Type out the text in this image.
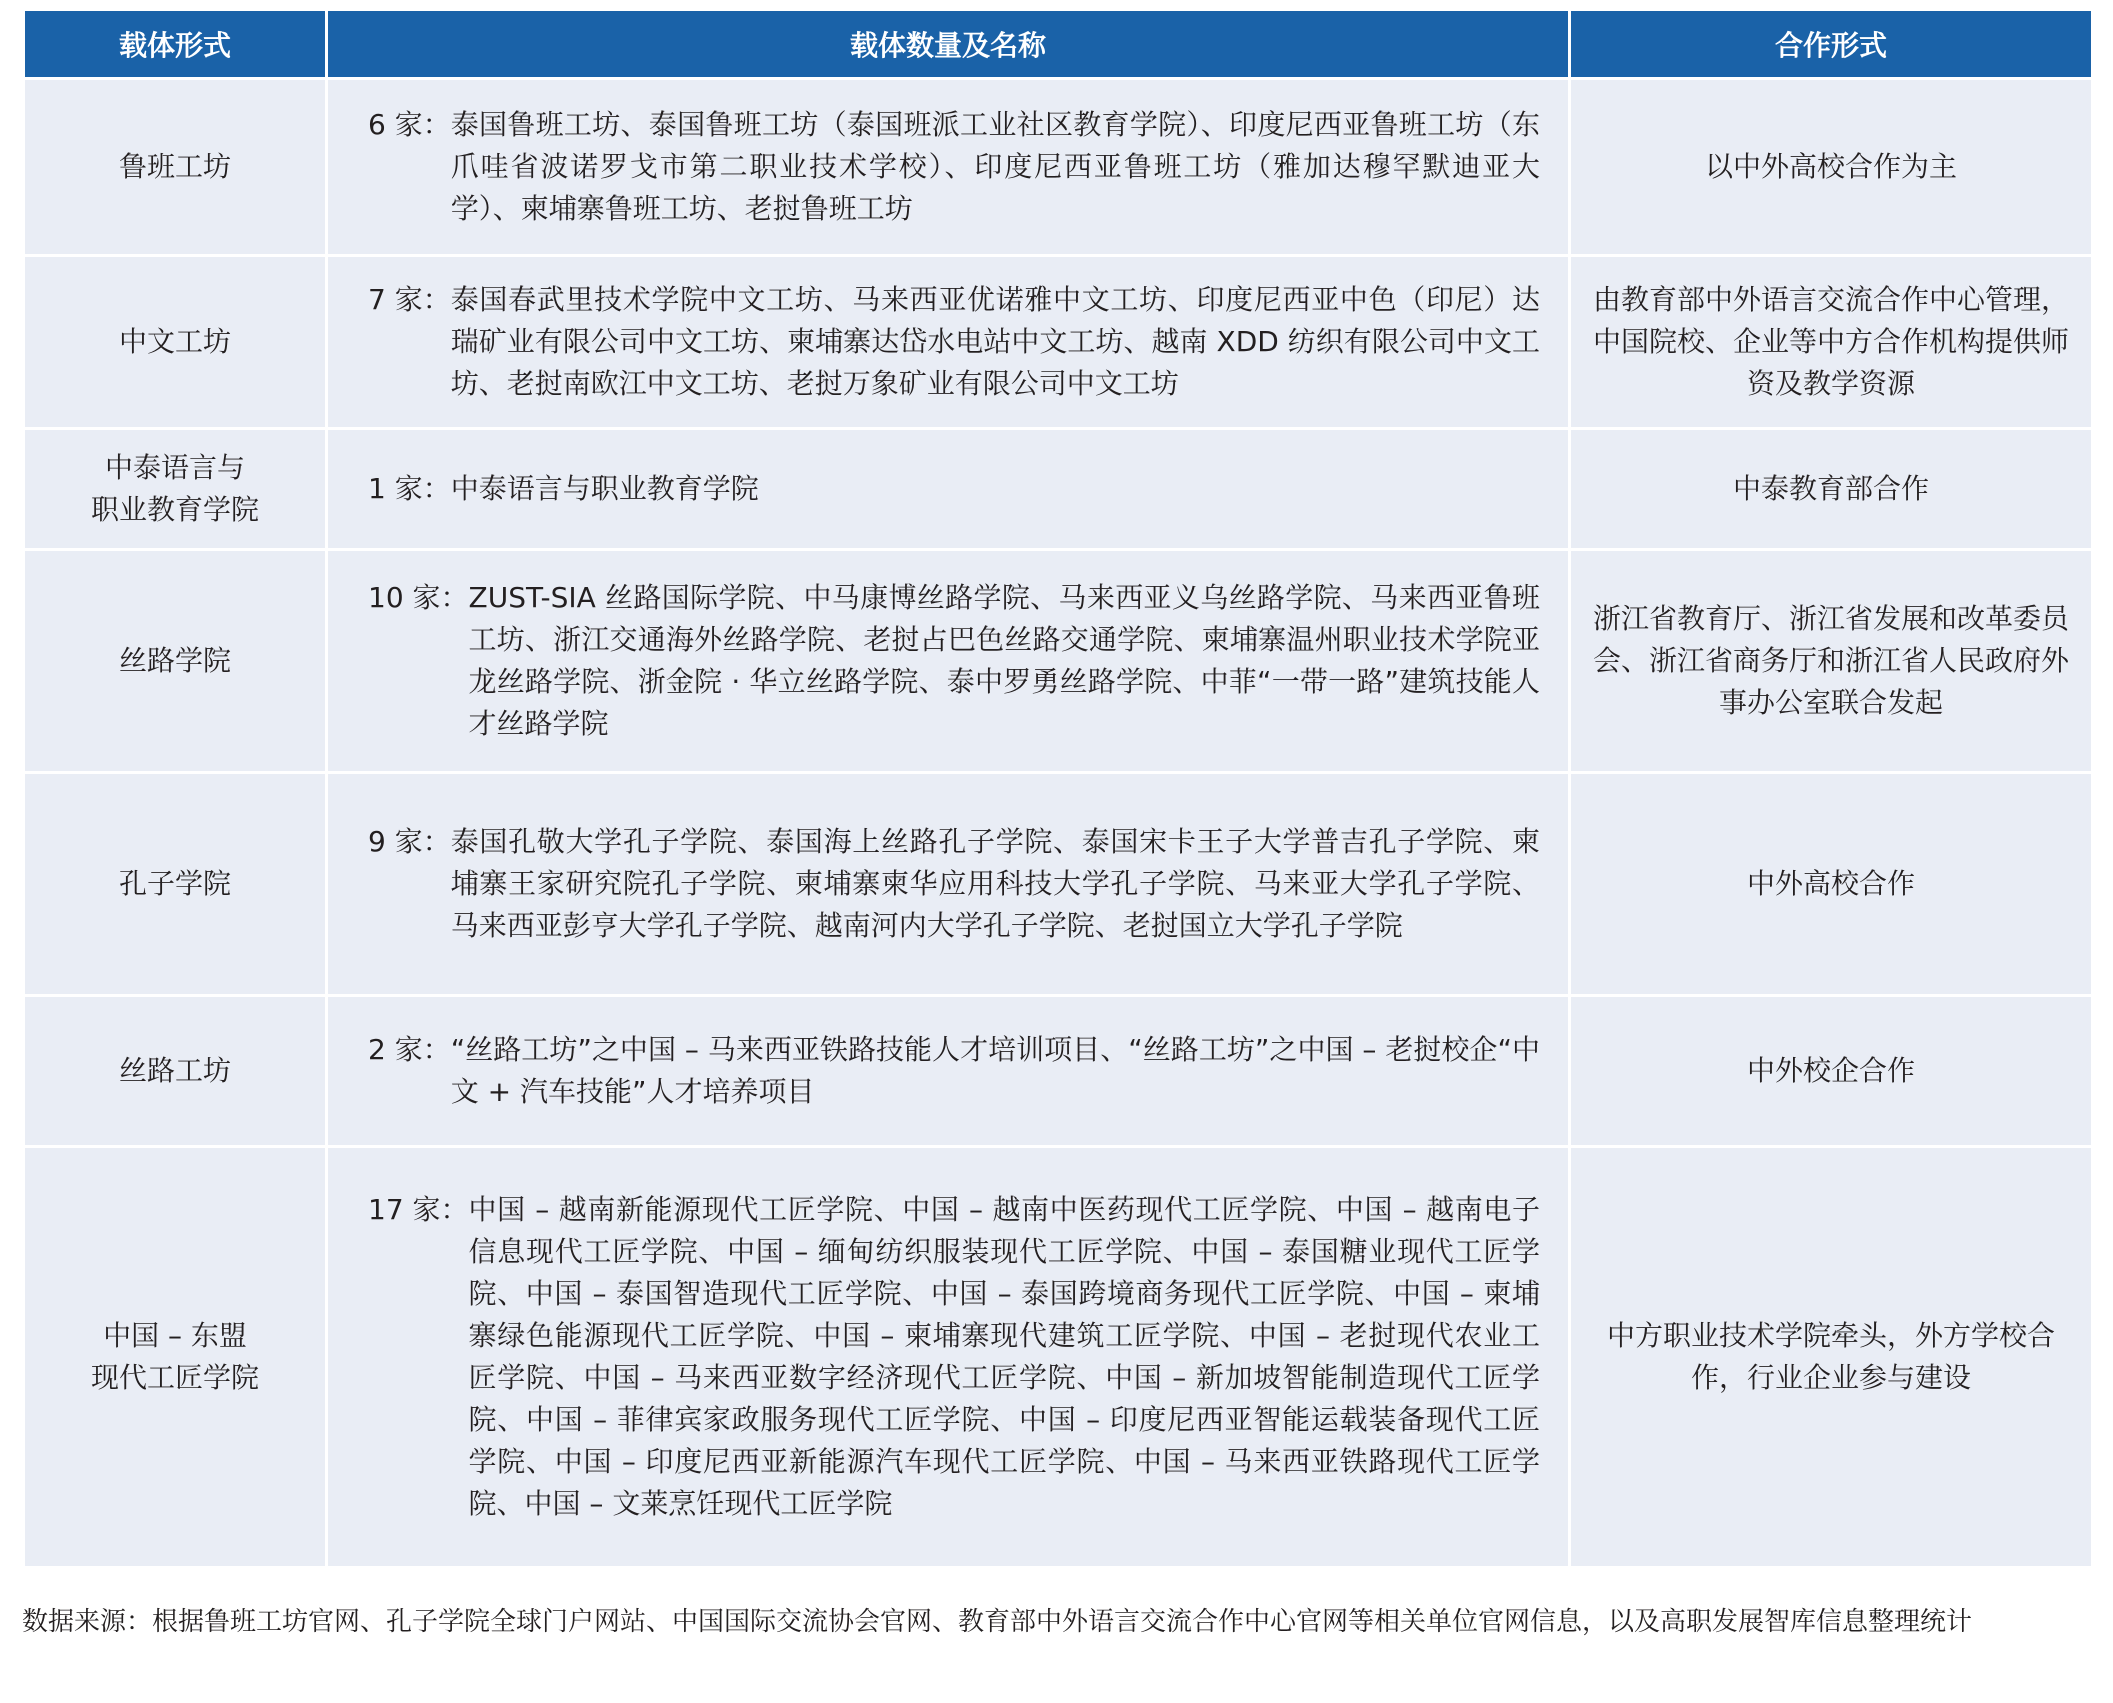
载体形式	载体数量及名称	合作形式

鲁班工坊	6 家： 泰国鲁班工坊、泰国鲁班工坊（泰国班派工业社区教育学院）、印度尼西亚鲁班工坊（东爪哇省波诺罗戈市第二职业技术学校）、印度尼西亚鲁班工坊（雅加达穆罕默迪亚大学）、柬埔寨鲁班工坊、老挝鲁班工坊	以中外高校合作为主

中文工坊	7 家： 泰国春武里技术学院中文工坊、马来西亚优诺雅中文工坊、印度尼西亚中色（印尼）达瑞矿业有限公司中文工坊、柬埔寨达岱水电站中文工坊、越南 XDD 纺织有限公司中文工坊、老挝南欧江中文工坊、老挝万象矿业有限公司中文工坊	由教育部中外语言交流合作中心管理，中国院校、企业等中方合作机构提供师资及教学资源

中泰语言与
职业教育学院	1 家： 中泰语言与职业教育学院	中泰教育部合作

丝路学院	10 家： ZUST-SIA 丝路国际学院、中马康博丝路学院、马来西亚义乌丝路学院、马来西亚鲁班工坊、浙江交通海外丝路学院、老挝占巴色丝路交通学院、柬埔寨温州职业技术学院亚龙丝路学院、浙金院 · 华立丝路学院、泰中罗勇丝路学院、中菲“一带一路”建筑技能人才丝路学院	浙江省教育厅、浙江省发展和改革委员会、浙江省商务厅和浙江省人民政府外事办公室联合发起

孔子学院	9 家： 泰国孔敬大学孔子学院、泰国海上丝路孔子学院、泰国宋卡王子大学普吉孔子学院、柬埔寨王家研究院孔子学院、柬埔寨柬华应用科技大学孔子学院、马来亚大学孔子学院、马来西亚彭亨大学孔子学院、越南河内大学孔子学院、老挝国立大学孔子学院	中外高校合作

丝路工坊	2 家： “丝路工坊”之中国 – 马来西亚铁路技能人才培训项目、“丝路工坊”之中国 – 老挝校企“中文 + 汽车技能”人才培养项目	中外校企合作

中国 – 东盟
现代工匠学院	17 家： 中国 – 越南新能源现代工匠学院、中国 – 越南中医药现代工匠学院、中国 – 越南电子信息现代工匠学院、中国 – 缅甸纺织服装现代工匠学院、中国 – 泰国糖业现代工匠学院、中国 – 泰国智造现代工匠学院、中国 – 泰国跨境商务现代工匠学院、中国 – 柬埔寨绿色能源现代工匠学院、中国 – 柬埔寨现代建筑工匠学院、中国 – 老挝现代农业工匠学院、中国 – 马来西亚数字经济现代工匠学院、中国 – 新加坡智能制造现代工匠学院、中国 – 菲律宾家政服务现代工匠学院、中国 – 印度尼西亚智能运载装备现代工匠学院、中国 – 印度尼西亚新能源汽车现代工匠学院、中国 – 马来西亚铁路现代工匠学院、中国 – 文莱烹饪现代工匠学院	中方职业技术学院牵头，外方学校合作，行业企业参与建设
数据来源：根据鲁班工坊官网、孔子学院全球门户网站、中国国际交流协会官网、教育部中外语言交流合作中心官网等相关单位官网信息，以及高职发展智库信息整理统计
